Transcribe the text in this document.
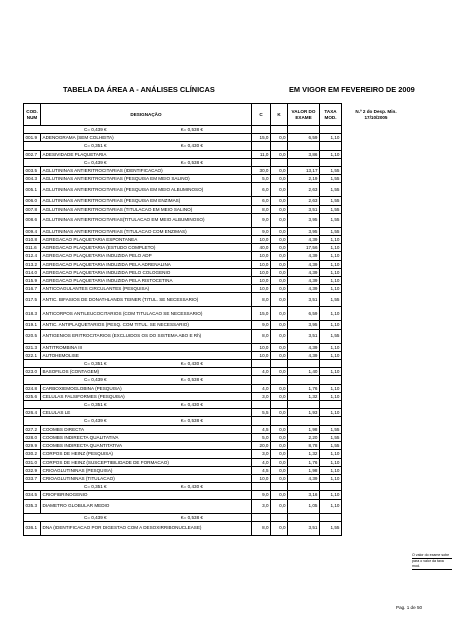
TABELA DA ÁREA A - ANÁLISES CLÍNICAS	EM VIGOR EM FEVEREIRO DE 2009
COD. NUM	DESIGNAÇÃO	C	K	VALOR DO EXAME	TAXA MOD.	N.º 2 do Desp. Min. 17/10/2005
C= 0,439 € K= 0,538 €						
001.9	ADENOGRAMA (SEM COLHEITA)	15,0	0,0	6,59	1,10	
C= 0,351 € K= 0,430 €						
002.7	ADESIVIDADE PLAQUETARIA	11,0	0,0	3,86	1,10	
C= 0,439 € K= 0,538 €						
003.5	AGLUTININAS ANTIERITROCITARIAS (IDENTIFICACAO)	30,0	0,0	13,17	1,55	
004.3	AGLUTININAS ANTIERITROCITARIAS (PESQUISA EM MEIO SALINO)	5,0	0,0	2,19	1,55	
005.1	AGLUTININAS ANTIERITROCITARIAS (PESQUISA EM MEIO ALBUMINOSO)	6,0	0,0	2,63	1,55	
006.0	AGLUTININAS ANTIERITROCITARIAS (PESQUISA EM ENZIMAS)	6,0	0,0	2,63	1,55	
007.8	AGLUTININAS ANTIERITROCITARIAS (TITULACAO EM MEIO SALINO)	8,0	0,0	3,51	1,55	
008.6	AGLUTININAS ANTIERITROCITARIAS(TITULACAO EM MEIO ALBUMINOSO)	9,0	0,0	3,95	1,55	
009.4	AGLUTININAS ANTIERITROCITARIAS (TITULACAO COM ENZIMAS)	9,0	0,0	3,95	1,55	
010.8	AGREGACAO PLAQUETARIA ESPONTANEA	10,0	0,0	4,39	1,10	
011.6	AGREGACAO PLAQUETARIA (ESTUDO COMPLETO)	40,0	0,0	17,56	1,10	
012.4	AGREGACAO PLAQUETARIA INDUZIDA PELO ADP	10,0	0,0	4,39	1,10	
013.2	AGREGACAO PLAQUETARIA INDUZIDA PELA ADRENALINA	10,0	0,0	4,39	1,10	
014.0	AGREGACAO PLAQUETARIA INDUZIDA PELO COLOGENIO	10,0	0,0	4,39	1,10	
015.9	AGREGACAO PLAQUETARIA INDUZIDA PELA RISTOCETINA	10,0	0,0	4,39	1,10	
016.7	ANTICOAGULANTES CIRCULANTES (PESQUISA)	10,0	0,0	4,39	1,10	
017.5	ANTIC. BIFASIOS DE DONATHLANDS TEINER (TITUL. SE NECESSARIO)	8,0	0,0	3,51	1,55	
018.3	ANTICORPOS ANTILEUCOCITARIOS (COM TITULACAO SE NECESSARIO)	15,0	0,0	6,59	1,10	
019.1	ANTIC. ANTIPLAQUETARIOS (PESQ. COM TITUL. SE NECESSARIO)	9,0	0,0	3,95	1,10	
020.5	ANTIGENIOS ERITROCITARIOS (EXCLUIDOS OS DO SISTEMA ABO E Rh)	8,0	0,0	3,51	1,55	
021.3	ANTITROMBINA III	10,0	0,0	4,39	1,10	
022.1	AUTOHEMOLISE	10,0	0,0	4,39	1,10	
C= 0,351 € K= 0,430 €						
023.0	BASOFILOS (CONTAGEM)	4,0	0,0	1,40	1,10	
C= 0,439 € K= 0,538 €						
024.8	CARBOXIEMOGLOBINA (PESQUISA)	4,0	0,0	1,76	1,10	
025.6	CELULAS FALSIFORMES (PESQUISA)	3,0	0,0	1,32	1,10	
C= 0,351 € K= 0,430 €						
026.4	CELULAS LE	5,5	0,0	1,93	1,10	
C= 0,439 € K= 0,538 €						
027.2	COOMBS DIRECTA	4,5	0,0	1,98	1,55	
028.0	COOMBS INDIRECTA QUALITATIVA	5,0	0,0	2,20	1,55	
029.9	COOMBS INDIRECTA QUANTITATIVA	20,0	0,0	8,78	1,55	
030.2	CORPOS DE HEINZ (PESQUISA)	3,0	0,0	1,32	1,10	
031.0	CORPOS DE HEINZ (SUSCEPTIBILIDADE DE FORMACAO)	4,0	0,0	1,76	1,10	
032.9	CRIOAGLUTININAS (PESQUISA)	4,5	0,0	1,98	1,10	
033.7	CRIOAGLUTININAS (TITULACAO)	10,0	0,0	4,39	1,10	
C= 0,351 € K= 0,430 €						
034.5	CRIOFIBRINOGENIO	9,0	0,0	3,16	1,10	
035.3	DIAMETRO GLOBULAR MEDIO	3,0	0,0	1,05	1,10	
C= 0,439 € K= 0,538 €						
036.1	DNA (IDENTIFICACAO POR DIGESTAO COM A DESOXIRRIBONUCLEASE)	8,0	0,0	3,51	1,55	
O valor do exame sobe
para o valor da taxa mod.
Pag. 1 de 50
